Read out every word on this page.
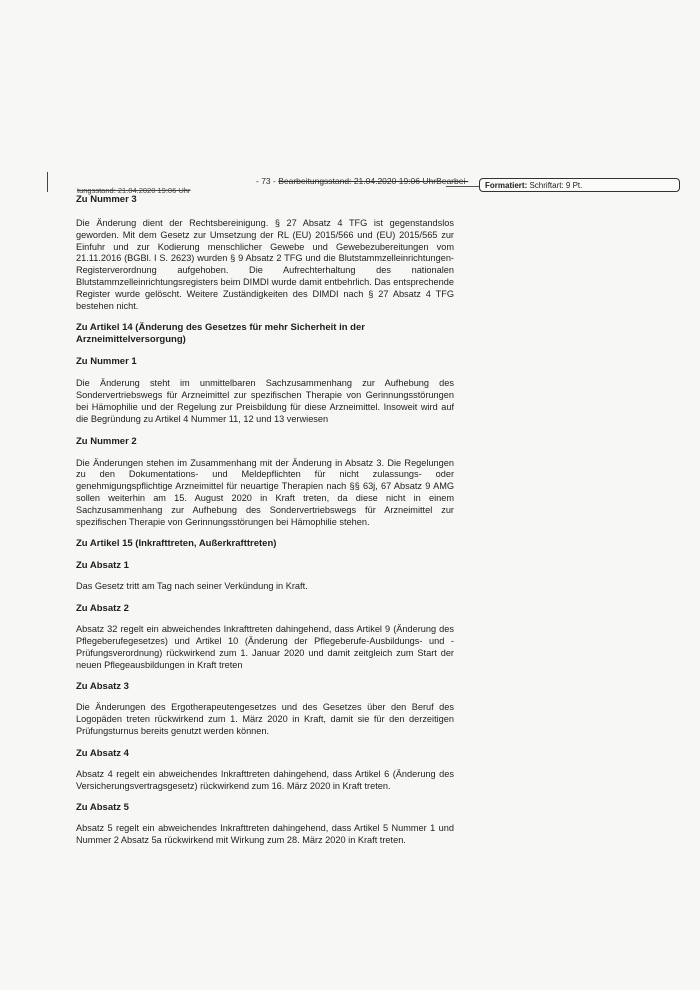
- 73 - Bearbeitungsstand: 21.04.2020 19:06 UhrBearbei-
tungsstand: 21.04.2020 19:06 Uhr
Formatiert: Schriftart: 9 Pt.

Zu Nummer 3

Die Änderung dient der Rechtsbereinigung. § 27 Absatz 4 TFG ist gegenstandslos geworden. Mit dem Gesetz zur Umsetzung der RL (EU) 2015/566 und (EU) 2015/565 zur Einfuhr und zur Kodierung menschlicher Gewebe und Gewebezubereitungen vom 21.11.2016 (BGBl. I S. 2623) wurden § 9 Absatz 2 TFG und die Blutstammzelleinrichtungen-Registerverordnung aufgehoben. Die Aufrechterhaltung des nationalen Blutstammzelleinrichtungsregisters beim DIMDI wurde damit entbehrlich. Das entsprechende Register wurde gelöscht. Weitere Zuständigkeiten des DIMDI nach § 27 Absatz 4 TFG bestehen nicht.

Zu Artikel 14 (Änderung des Gesetzes für mehr Sicherheit in der Arzneimittelversorgung)

Zu Nummer 1

Die Änderung steht im unmittelbaren Sachzusammenhang zur Aufhebung des Sondervertriebswegs für Arzneimittel zur spezifischen Therapie von Gerinnungsstörungen bei Hämophilie und der Regelung zur Preisbildung für diese Arzneimittel. Insoweit wird auf die Begründung zu Artikel 4 Nummer 11, 12 und 13 verwiesen

Zu Nummer 2

Die Änderungen stehen im Zusammenhang mit der Änderung in Absatz 3. Die Regelungen zu den Dokumentations- und Meldepflichten für nicht zulassungs- oder genehmigungspflichtige Arzneimittel für neuartige Therapien nach §§ 63j, 67 Absatz 9 AMG sollen weiterhin am 15. August 2020 in Kraft treten, da diese nicht in einem Sachzusammenhang zur Aufhebung des Sondervertriebswegs für Arzneimittel zur spezifischen Therapie von Gerinnungsstörungen bei Hämophilie stehen.

Zu Artikel 15 (Inkrafttreten, Außerkrafttreten)

Zu Absatz 1

Das Gesetz tritt am Tag nach seiner Verkündung in Kraft.

Zu Absatz 2

Absatz 32 regelt ein abweichendes Inkrafttreten dahingehend, dass Artikel 9 (Änderung des Pflegeberufegesetzes) und Artikel 10 (Änderung der Pflegeberufe-Ausbildungs- und -Prüfungsverordnung) rückwirkend zum 1. Januar 2020 und damit zeitgleich zum Start der neuen Pflegeausbildungen in Kraft treten

Zu Absatz 3

Die Änderungen des Ergotherapeutengesetzes und des Gesetzes über den Beruf des Logopäden treten rückwirkend zum 1. März 2020 in Kraft, damit sie für den derzeitigen Prüfungsturnus bereits genutzt werden können.

Zu Absatz 4

Absatz 4 regelt ein abweichendes Inkrafttreten dahingehend, dass Artikel 6 (Änderung des Versicherungsvertragsgesetz) rückwirkend zum 16. März 2020 in Kraft treten.

Zu Absatz 5

Absatz 5 regelt ein abweichendes Inkrafttreten dahingehend, dass Artikel 5 Nummer 1 und Nummer 2 Absatz 5a rückwirkend mit Wirkung zum 28. März 2020 in Kraft treten.
